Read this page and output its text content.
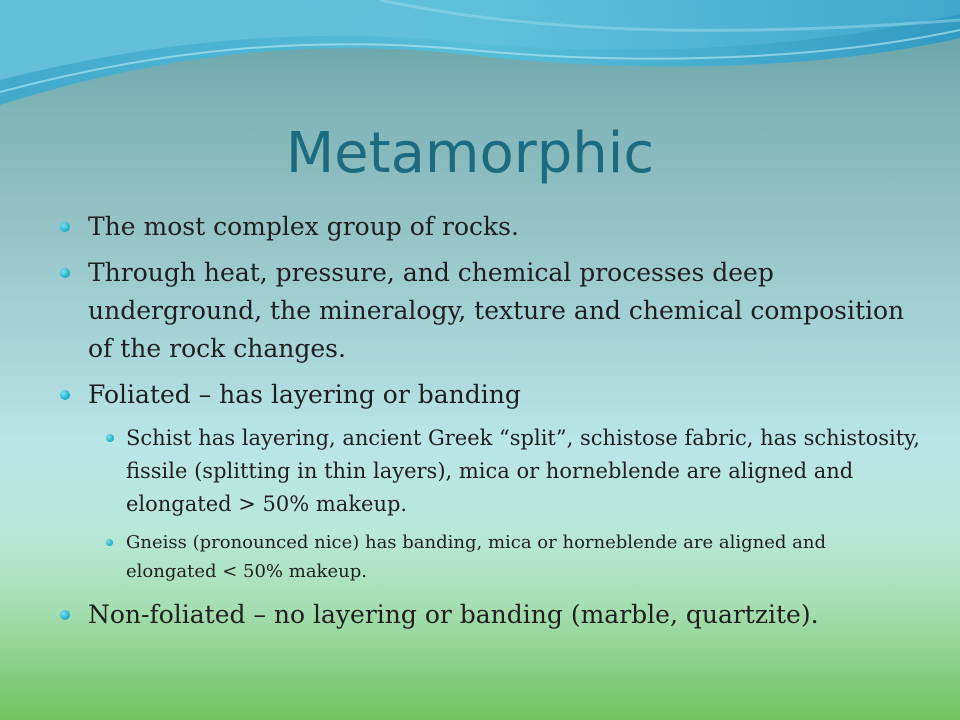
Metamorphic
The most complex group of rocks.
Through heat, pressure, and chemical processes deep underground, the mineralogy, texture and chemical composition of the rock changes.
Foliated – has layering or banding
Schist has layering, ancient Greek “split”, schistose fabric, has schistosity, fissile (splitting in thin layers), mica or horneblende are aligned and elongated > 50% makeup.
Gneiss (pronounced nice) has banding, mica or horneblende are aligned and elongated < 50% makeup.
Non-foliated – no layering or banding (marble, quartzite).
